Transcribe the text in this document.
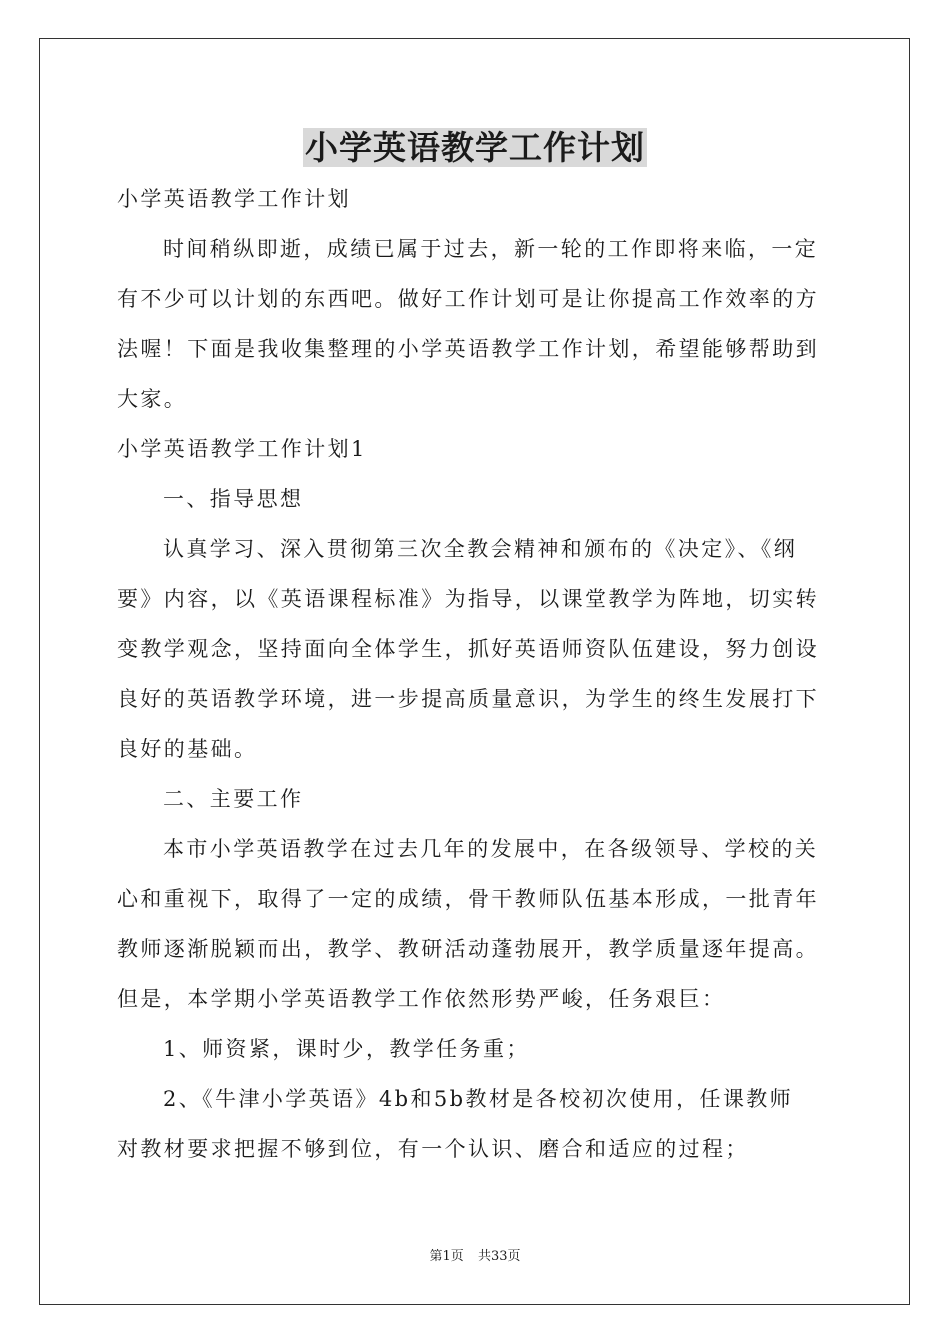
小学英语教学工作计划

小学英语教学工作计划

时间稍纵即逝，成绩已属于过去，新一轮的工作即将来临，一定

有不少可以计划的东西吧。做好工作计划可是让你提高工作效率的方

法喔！下面是我收集整理的小学英语教学工作计划，希望能够帮助到

大家。

小学英语教学工作计划1

一、指导思想

认真学习、深入贯彻第三次全教会精神和颁布的《决定》、《纲

要》内容，以《英语课程标准》为指导，以课堂教学为阵地，切实转

变教学观念，坚持面向全体学生，抓好英语师资队伍建设，努力创设

良好的英语教学环境，进一步提高质量意识，为学生的终生发展打下

良好的基础。

二、主要工作

本市小学英语教学在过去几年的发展中，在各级领导、学校的关

心和重视下，取得了一定的成绩，骨干教师队伍基本形成，一批青年

教师逐渐脱颖而出，教学、教研活动蓬勃展开，教学质量逐年提高。

但是，本学期小学英语教学工作依然形势严峻，任务艰巨：

1、师资紧，课时少，教学任务重；

2、《牛津小学英语》4b和5b教材是各校初次使用，任课教师

对教材要求把握不够到位，有一个认识、磨合和适应的过程；

第1页 共33页
